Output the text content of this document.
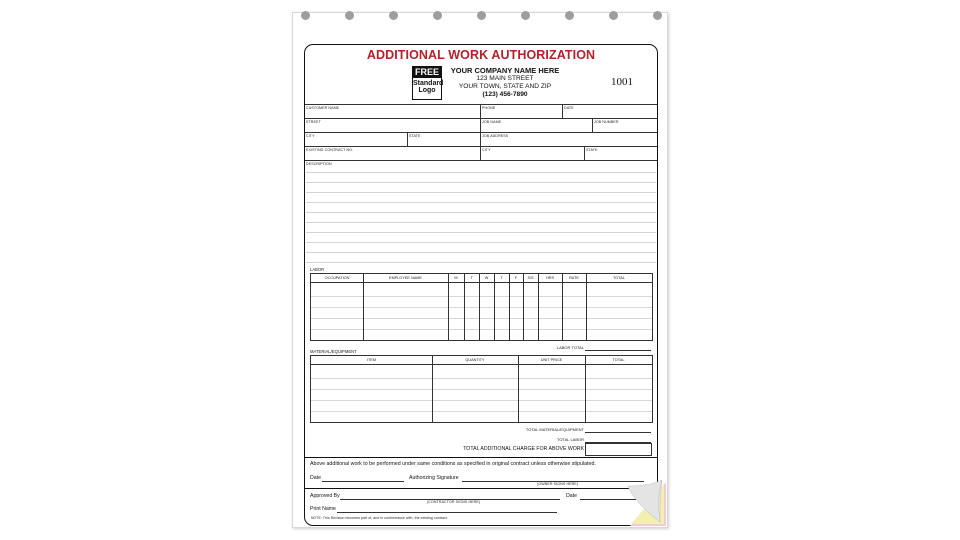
ADDITIONAL WORK AUTHORIZATION
FREE
Standard
Logo
YOUR COMPANY NAME HERE
123 MAIN STREET
YOUR TOWN, STATE AND ZIP
(123) 456-7890
1001
CUSTOMER NAME	PHONE	DATE
STREET	JOB NAME	JOB NUMBER
CITY	STATE	JOB ADDRESS
EXISTING CONTRACT NO.	CITY	STATE
DESCRIPTION
LABOR
OCCUPATION	EMPLOYEE NAME	M	T	W	T	F	S/S	HRS	RATE	TOTAL
LABOR TOTAL
MATERIAL/EQUIPMENT
ITEM	QUANTITY	UNIT PRICE	TOTAL
TOTAL MATERIAL/EQUIPMENT
TOTAL LABOR
TOTAL ADDITIONAL CHARGE FOR ABOVE WORK
Above additional work to be performed under same conditions as specified in original contract unless otherwise stipulated.
Date	Authorizing Signature
(OWNER SIGNS HERE)
Approved By
(CONTRACTOR SIGNS HERE)
Date
Print Name
NOTE: This Revision becomes part of, and in conformance with, the existing contract.
